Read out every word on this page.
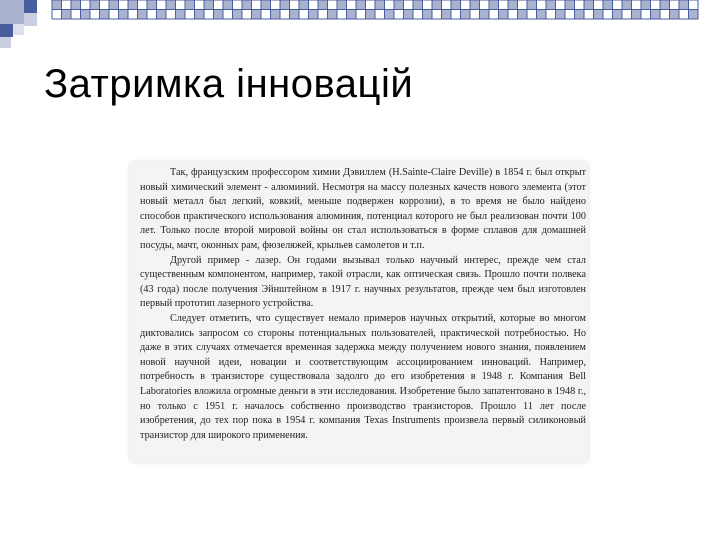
Затримка інновацій

Так, французским профессором химии Дэвиллем (H.Sainte-Claire Deville) в 1854 г. был открыт новый химический элемент - алюминий. Несмотря на массу полезных качеств нового элемента (этот новый металл был легкий, ковкий, меньше подвержен коррозии), в то время не было найдено способов практического использования алюминия, потенциал которого не был реализован почти 100 лет. Только после второй мировой войны он стал использоваться в форме сплавов для домашней посуды, мачт, оконных рам, фюзеляжей, крыльев самолетов и т.п.

Другой пример - лазер. Он годами вызывал только научный интерес, прежде чем стал существенным компонентом, например, такой отрасли, как оптическая связь. Прошло почти полвека (43 года) после получения Эйнштейном в 1917 г. научных результатов, прежде чем был изготовлен первый прототип лазерного устройства.

Следует отметить, что существует немало примеров научных открытий, которые во многом диктовались запросом со стороны потенциальных пользователей, практической потребностью. Но даже в этих случаях отмечается временная задержка между получением нового знания, появлением новой научной идеи, новации и соответствующим ассоциированием инноваций. Например, потребность в транзисторе существовала задолго до его изобретения в 1948 г. Компания Bell Laboratories вложила огромные деньги в эти исследования. Изобретение было запатентовано в 1948 г., но только с 1951 г. началось собственно производство транзисторов. Прошло 11 лет после изобретения, до тех пор пока в 1954 г. компания Texas Instruments произвела первый силиконовый транзистор для широкого применения.
